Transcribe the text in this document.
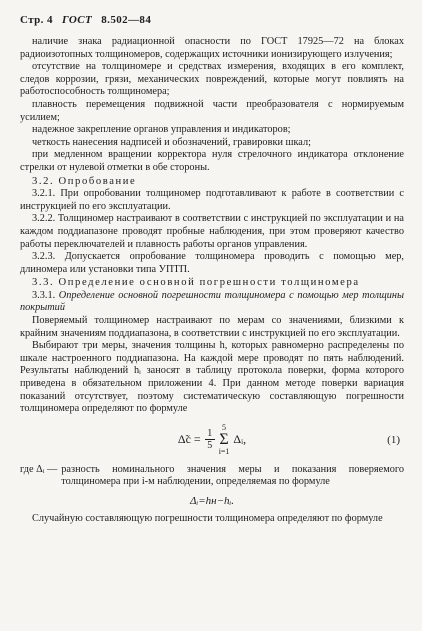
Стр. 4 ГОСТ 8.502—84

наличие знака радиационной опасности по ГОСТ 17925—72 на блоках радиоизотопных толщиномеров, содержащих источники ионизирующего излучения;

отсутствие на толщиномере и средствах измерения, входящих в его комплект, следов коррозии, грязи, механических повреждений, которые могут повлиять на работоспособность толщиномера;

плавность перемещения подвижной части преобразователя с нормируемым усилием;

надежное закрепление органов управления и индикаторов;

четкость нанесения надписей и обозначений, гравировки шкал;

при медленном вращении корректора нуля стрелочного индикатора отклонение стрелки от нулевой отметки в обе стороны.

3.2. Опробование

3.2.1. При опробовании толщиномер подготавливают к работе в соответствии с инструкцией по его эксплуатации.

3.2.2. Толщиномер настраивают в соответствии с инструкцией по эксплуатации и на каждом поддиапазоне проводят пробные наблюдения, при этом проверяют качество работы переключателей и плавность работы органов управления.

3.2.3. Допускается опробование толщиномера проводить с помощью мер, длиномера или установки типа УПТП.

3.3. Определение основной погрешности толщиномера

3.3.1. Определение основной погрешности толщиномера с помощью мер толщины покрытий

Поверяемый толщиномер настраивают по мерам со значениями, близкими к крайним значениям поддиапазона, в соответствии с инструкцией по его эксплуатации.

Выбирают три меры, значения толщины h, которых равномерно распределены по шкале настроенного поддиапазона. На каждой мере проводят по пять наблюдений. Результаты наблюдений hᵢ заносят в таблицу протокола поверки, форма которого приведена в обязательном приложении 4. При данном методе поверки вариация показаний отсутствует, поэтому систематическую составляющую погрешности толщиномера определяют по формуле

Δ̃с = $\frac{1}{5}$
5
Σ
i=1
Δᵢ,	(1)
где Δᵢ — разность номинального значения меры и показания поверяемого толщиномера при i-м наблюдении, определяемая по формуле

Δᵢ=hн−hᵢ.

Случайную составляющую погрешности толщиномера определяют по формуле
